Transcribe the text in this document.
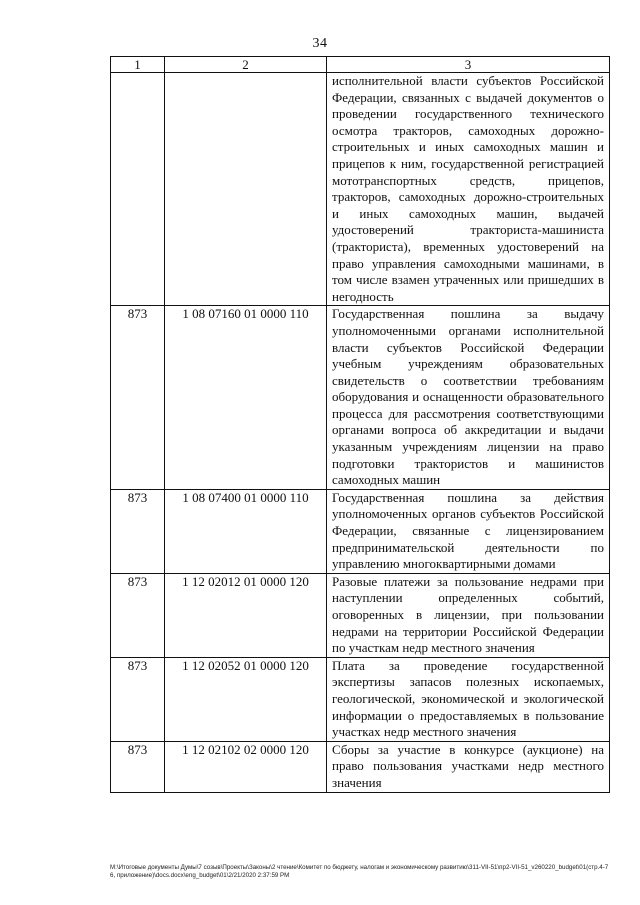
34
1	2	3
		исполнительной власти субъектов Российской Федерации, связанных с выдачей документов о проведении государственного технического осмотра тракторов, самоходных дорожно-строительных и иных самоходных машин и прицепов к ним, государственной регистрацией мототранспортных средств, прицепов, тракторов, самоходных дорожно-строительных и иных самоходных машин, выдачей удостоверений тракториста-машиниста (тракториста), временных удостоверений на право управления самоходными машинами, в том числе взамен утраченных или пришедших в негодность
873	1 08 07160 01 0000 110	Государственная пошлина за выдачу уполномоченными органами исполнительной власти субъектов Российской Федерации учебным учреждениям образовательных свидетельств о соответствии требованиям оборудования и оснащенности образовательного процесса для рассмотрения соответствующими органами вопроса об аккредитации и выдачи указанным учреждениям лицензии на право подготовки трактористов и машинистов самоходных машин
873	1 08 07400 01 0000 110	Государственная пошлина за действия уполномоченных органов субъектов Российской Федерации, связанные с лицензированием предпринимательской деятельности по управлению многоквартирными домами
873	1 12 02012 01 0000 120	Разовые платежи за пользование недрами при наступлении определенных событий, оговоренных в лицензии, при пользовании недрами на территории Российской Федерации по участкам недр местного значения
873	1 12 02052 01 0000 120	Плата за проведение государственной экспертизы запасов полезных ископаемых, геологической, экономической и экологической информации о предоставляемых в пользование участках недр местного значения
873	1 12 02102 02 0000 120	Сборы за участие в конкурсе (аукционе) на право пользования участками недр местного значения
M:\Итоговые документы Думы\7 созыв\Проекты\Законы\2 чтение\Комитет по бюджету, налогам и экономическому развитию\311-VII-51\пр2-VII-51_v260220_budget\01(стр.4-76, приложение)\docs.docx\eng_budget\01\2/21/2020 2:37:59 PM
